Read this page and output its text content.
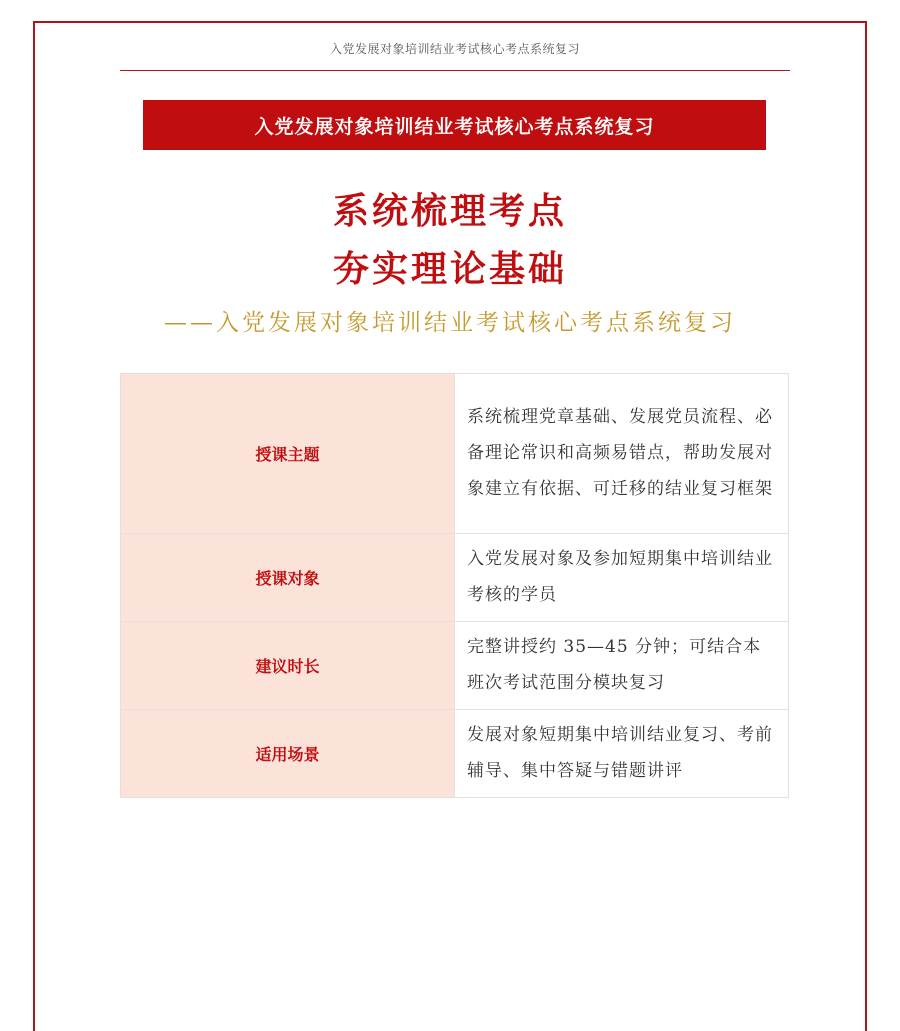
入党发展对象培训结业考试核心考点系统复习
入党发展对象培训结业考试核心考点系统复习
系统梳理考点
夯实理论基础
——入党发展对象培训结业考试核心考点系统复习
授课主题	系统梳理党章基础、发展党员流程、必备理论常识和高频易错点，帮助发展对象建立有依据、可迁移的结业复习框架
授课对象	入党发展对象及参加短期集中培训结业考核的学员
建议时长	完整讲授约 35—45 分钟；可结合本班次考试范围分模块复习
适用场景	发展对象短期集中培训结业复习、考前辅导、集中答疑与错题讲评
